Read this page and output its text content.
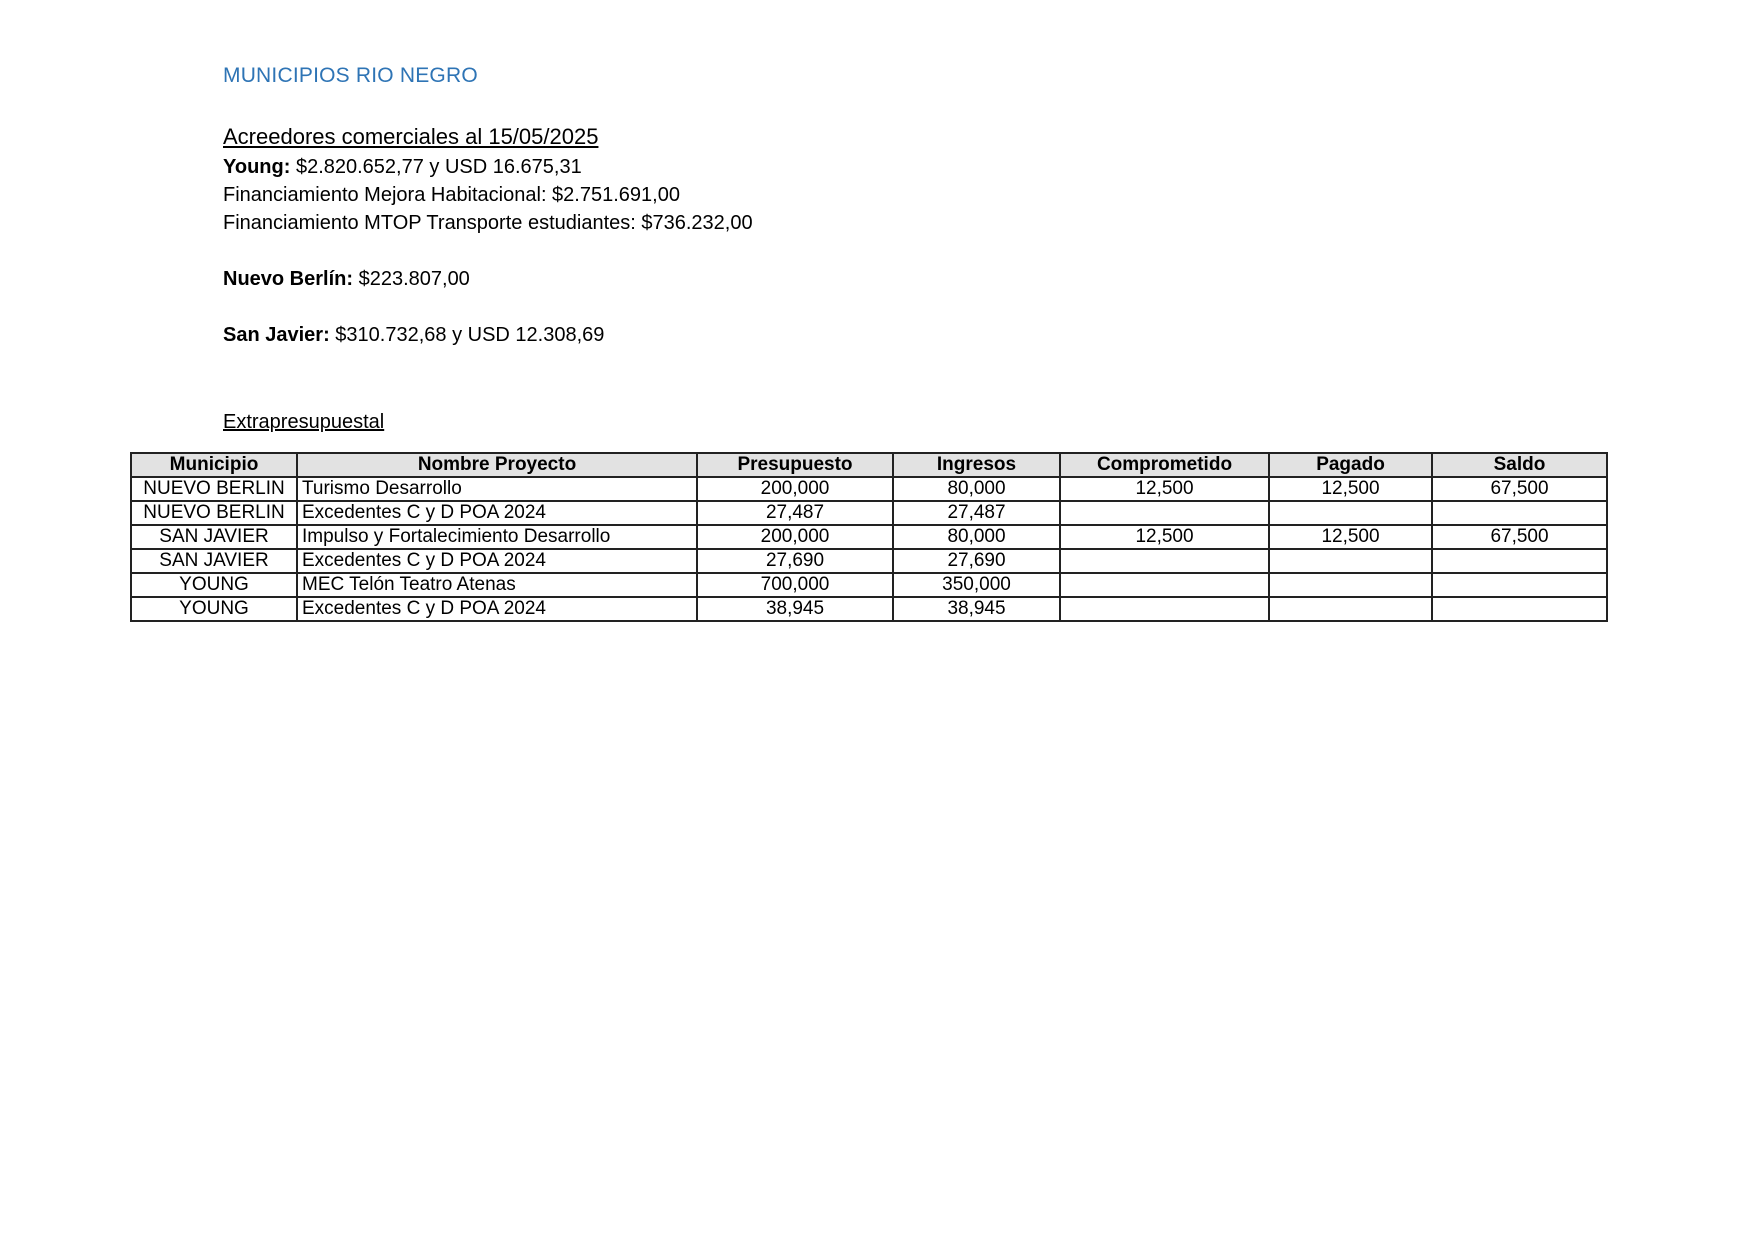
MUNICIPIOS RIO NEGRO
Acreedores comerciales al 15/05/2025
Young: $2.820.652,77 y USD 16.675,31
Financiamiento Mejora Habitacional: $2.751.691,00
Financiamiento MTOP Transporte estudiantes: $736.232,00
Nuevo Berlín: $223.807,00
San Javier: $310.732,68 y USD 12.308,69
Extrapresupuestal
Municipio	Nombre Proyecto	Presupuesto	Ingresos	Comprometido	Pagado	Saldo
NUEVO BERLIN	Turismo Desarrollo	200,000	80,000	12,500	12,500	67,500
NUEVO BERLIN	Excedentes C y D POA 2024	27,487	27,487			
SAN JAVIER	Impulso y Fortalecimiento Desarrollo	200,000	80,000	12,500	12,500	67,500
SAN JAVIER	Excedentes C y D POA 2024	27,690	27,690			
YOUNG	MEC Telón Teatro Atenas	700,000	350,000			
YOUNG	Excedentes C y D POA 2024	38,945	38,945			
